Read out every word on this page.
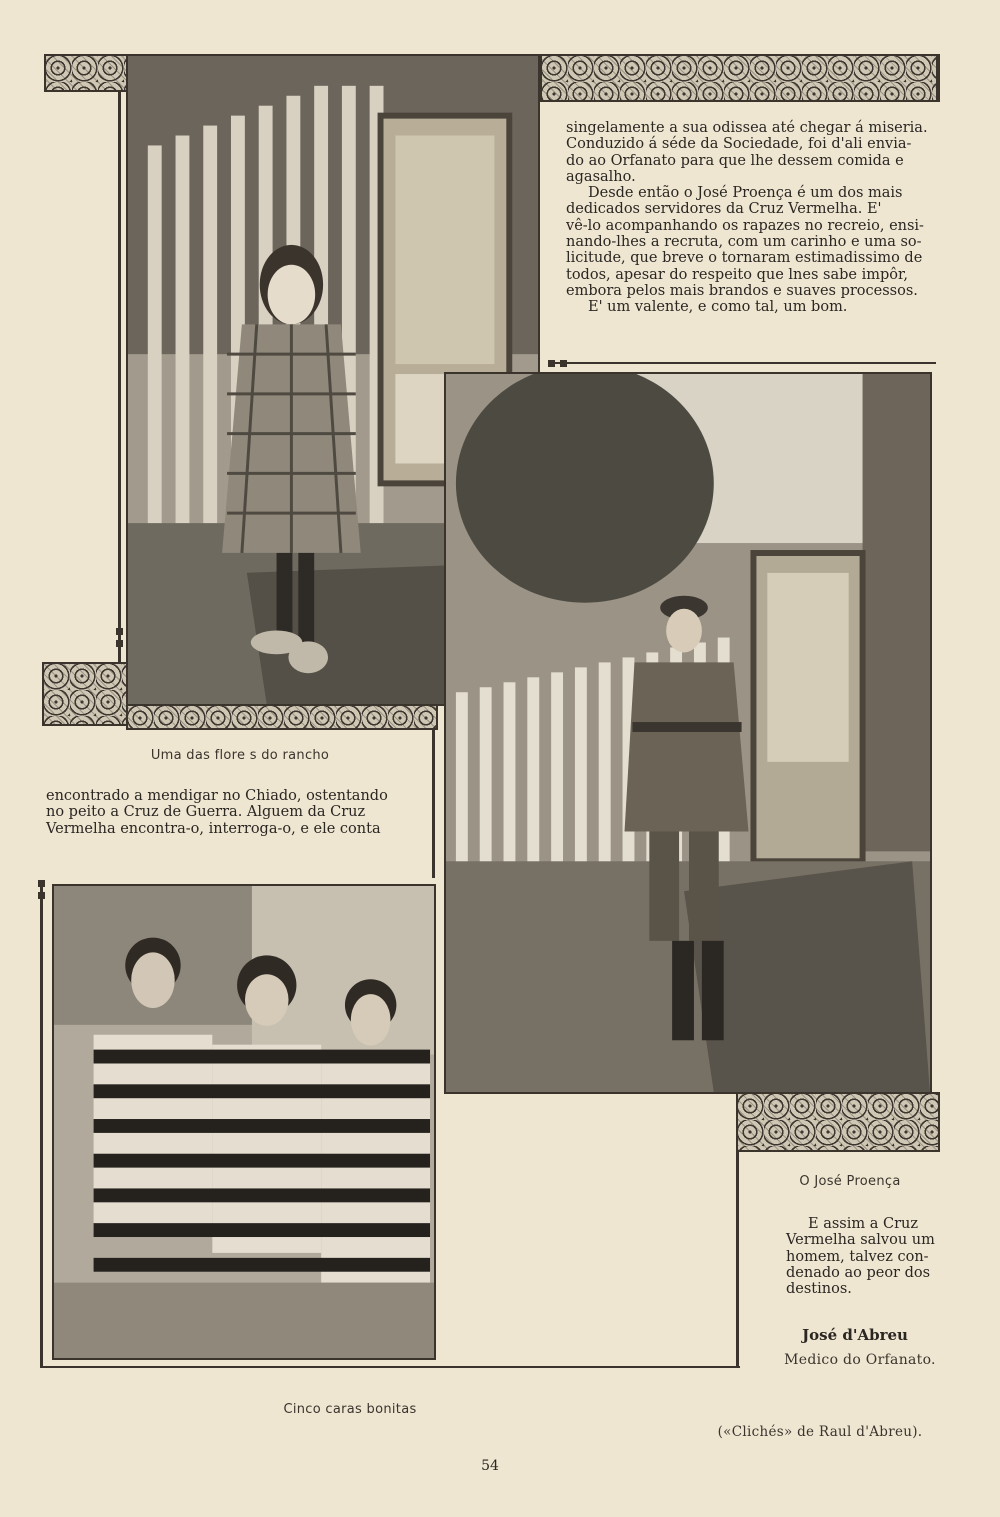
singelamente a sua odissea até chegar á miseria.

Conduzido á séde da Sociedade, foi d'ali envia-

do ao Orfanato para que lhe dessem comida e

agasalho.

Desde então o José Proença é um dos mais

dedicados servidores da Cruz Vermelha. E'

vê-lo acompanhando os rapazes no recreio, ensi-

nando-lhes a recruta, com um carinho e uma so-

licitude, que breve o tornaram estimadissimo de

todos, apesar do respeito que lnes sabe impôr,

embora pelos mais brandos e suaves processos.

E' um valente, e como tal, um bom.

Uma das flore s do rancho

encontrado a mendigar no Chiado, ostentando

no peito a Cruz de Guerra. Alguem da Cruz

Vermelha encontra-o, interroga-o, e ele conta

O José Proença

E assim a Cruz

Vermelha salvou um

homem, talvez con-

denado ao peor dos

destinos.

José d'Abreu
Medico do Orfanato.
Cinco caras bonitas
(«Clichés» de Raul d'Abreu).
54
